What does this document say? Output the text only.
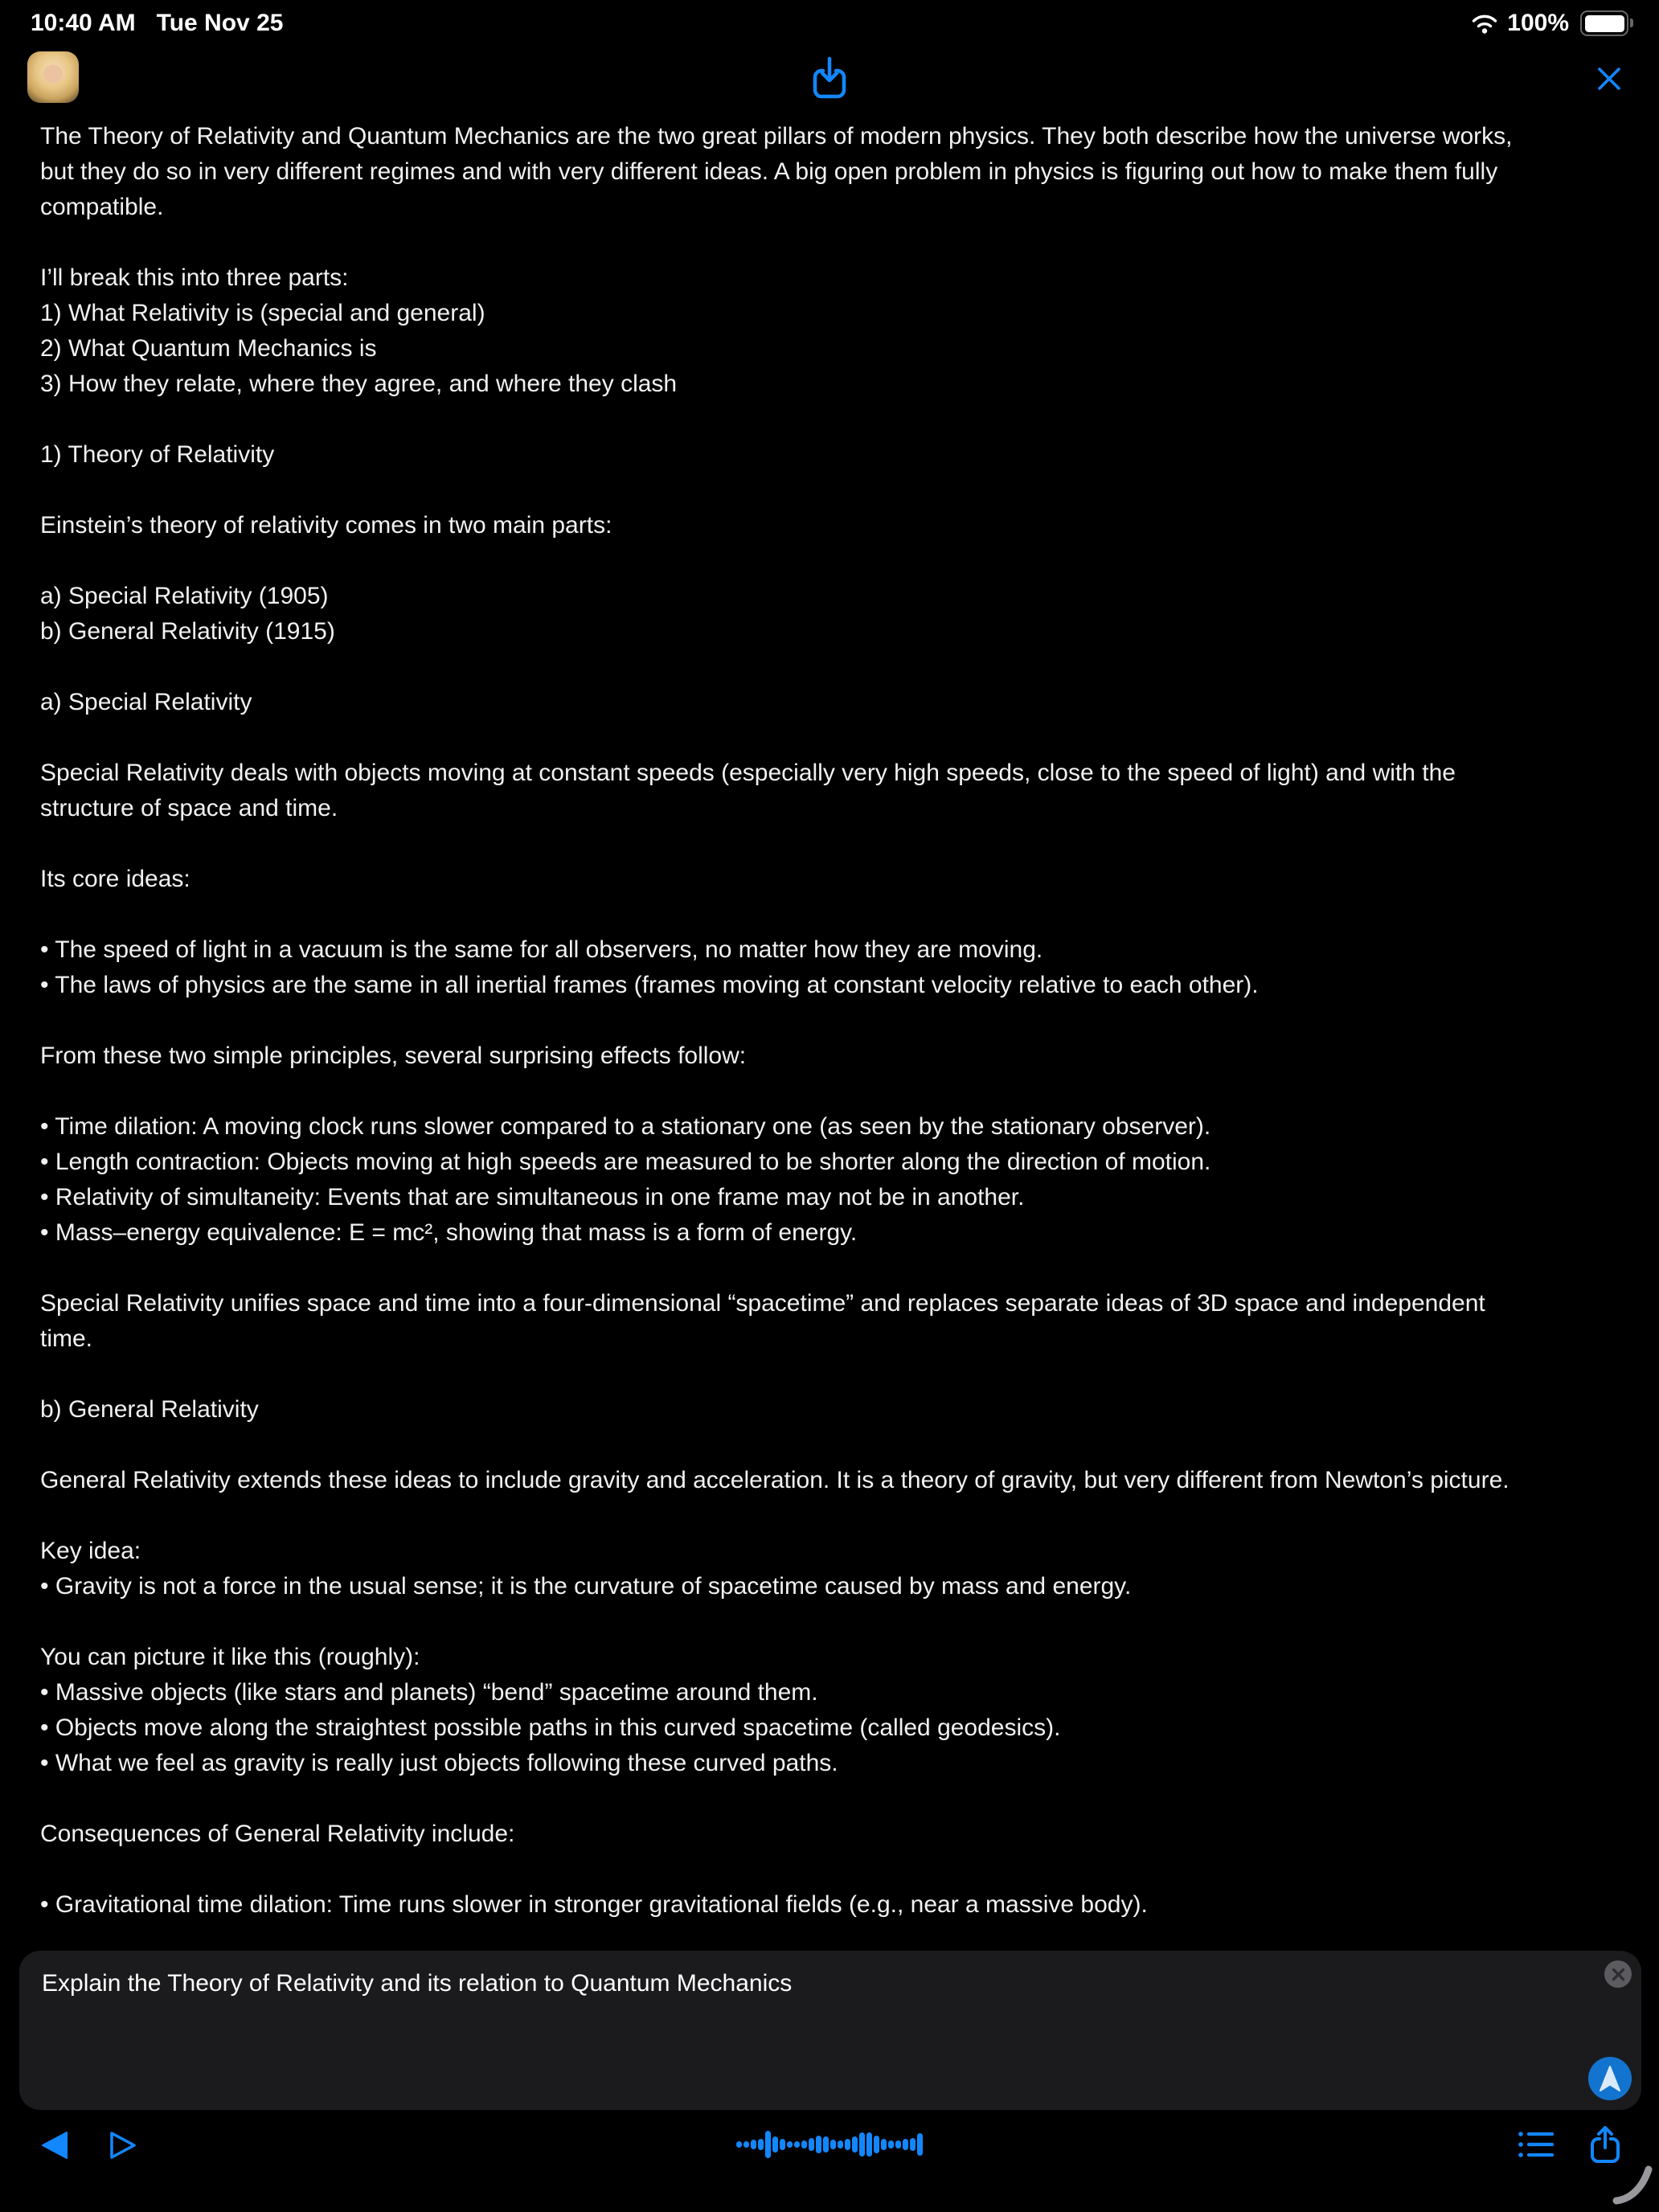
10:40 AM Tue Nov 25	100%
The Theory of Relativity and Quantum Mechanics are the two great pillars of modern physics. They both describe how the universe works, but they do so in very different regimes and with very different ideas. A big open problem in physics is figuring out how to make them fully compatible.
I’ll break this into three parts:
1) What Relativity is (special and general)
2) What Quantum Mechanics is
3) How they relate, where they agree, and where they clash
1) Theory of Relativity
Einstein’s theory of relativity comes in two main parts:
a) Special Relativity (1905)
b) General Relativity (1915)
a) Special Relativity
Special Relativity deals with objects moving at constant speeds (especially very high speeds, close to the speed of light) and with the structure of space and time.
Its core ideas:
• The speed of light in a vacuum is the same for all observers, no matter how they are moving.
• The laws of physics are the same in all inertial frames (frames moving at constant velocity relative to each other).
From these two simple principles, several surprising effects follow:
• Time dilation: A moving clock runs slower compared to a stationary one (as seen by the stationary observer).
• Length contraction: Objects moving at high speeds are measured to be shorter along the direction of motion.
• Relativity of simultaneity: Events that are simultaneous in one frame may not be in another.
• Mass–energy equivalence: E = mc², showing that mass is a form of energy.
Special Relativity unifies space and time into a four-dimensional “spacetime” and replaces separate ideas of 3D space and independent time.
b) General Relativity
General Relativity extends these ideas to include gravity and acceleration. It is a theory of gravity, but very different from Newton’s picture.
Key idea:
• Gravity is not a force in the usual sense; it is the curvature of spacetime caused by mass and energy.
You can picture it like this (roughly):
• Massive objects (like stars and planets) “bend” spacetime around them.
• Objects move along the straightest possible paths in this curved spacetime (called geodesics).
• What we feel as gravity is really just objects following these curved paths.
Consequences of General Relativity include:
• Gravitational time dilation: Time runs slower in stronger gravitational fields (e.g., near a massive body).
Explain the Theory of Relativity and its relation to Quantum Mechanics
